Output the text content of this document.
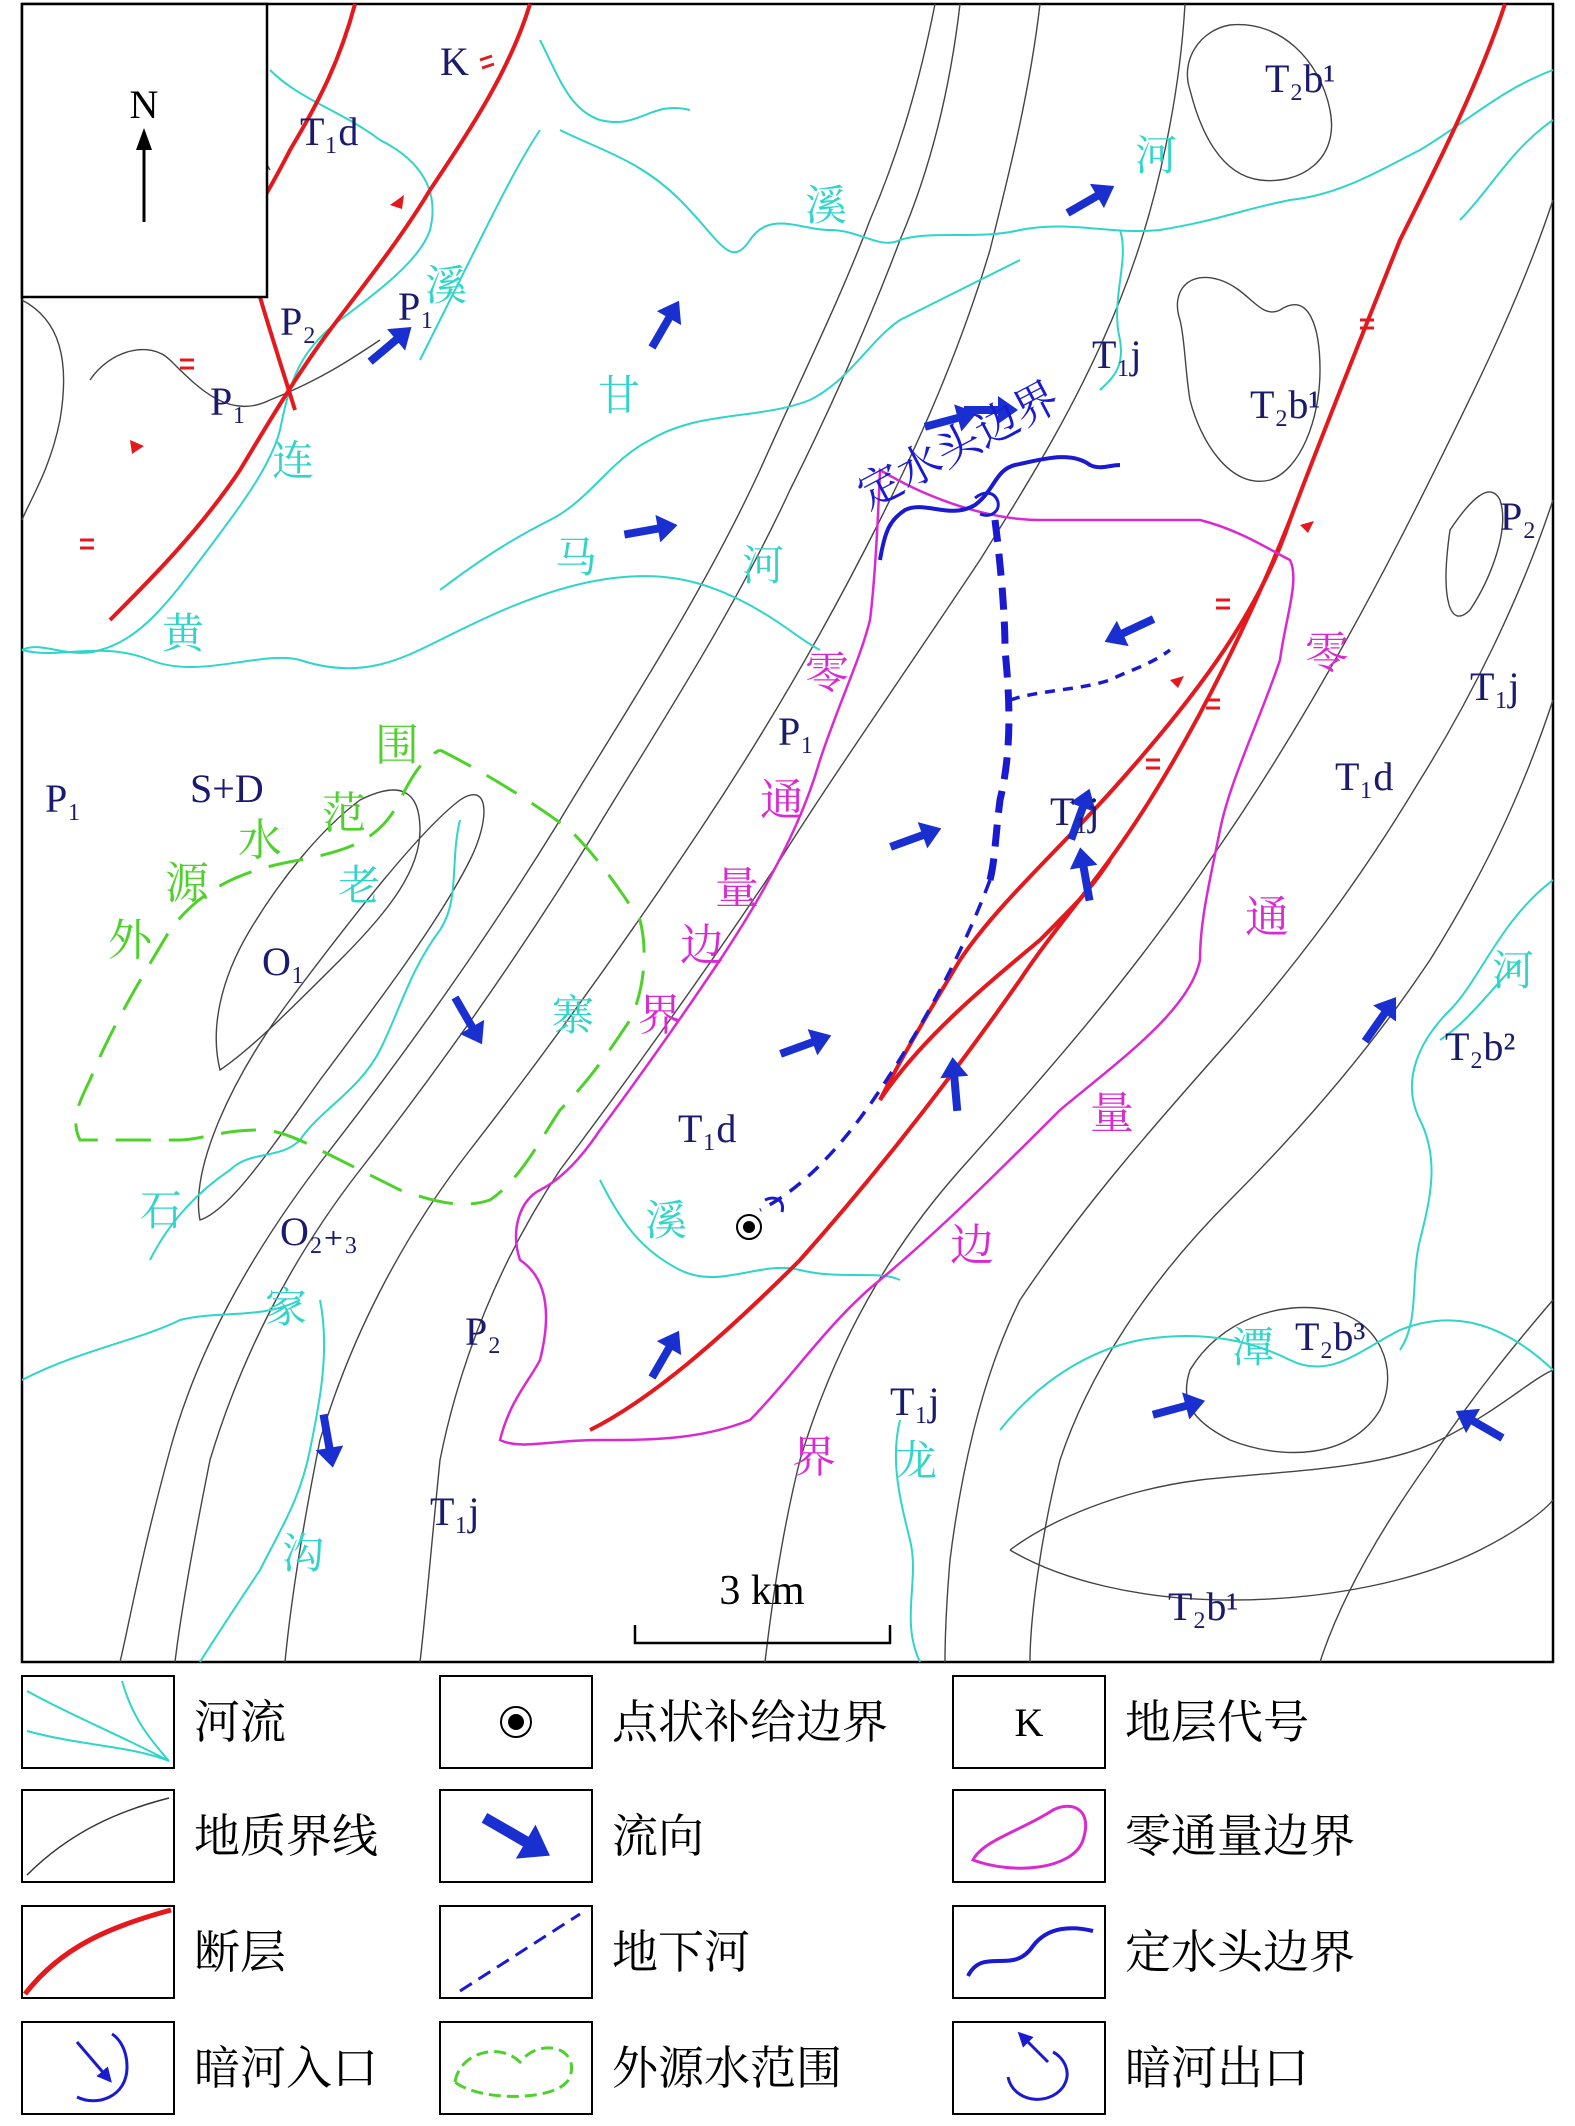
N
3 km
K
T₁d
P₂ P₁
P₁
P₁	S+D
O₁
O₂₊₃
P₂
T₁j
P₁
T₁d
T₁j
T₁j
T₂b¹
T₂b¹
P₂
T₁j
T₁d
T₂b²
T₂b³
T₁j
T₂b¹
溪
河
溪
甘
连
马	河
黄
老
寨
溪
石
家
沟
龙
潭
河
定水头边界
零
通
量
边
界
零
通
量
边
界
外
源
水
范
围
河流	点状补给边界	K 地层代号
地质界线	流向	零通量边界
断层	地下河	定水头边界
暗河入口	外源水范围	暗河出口
